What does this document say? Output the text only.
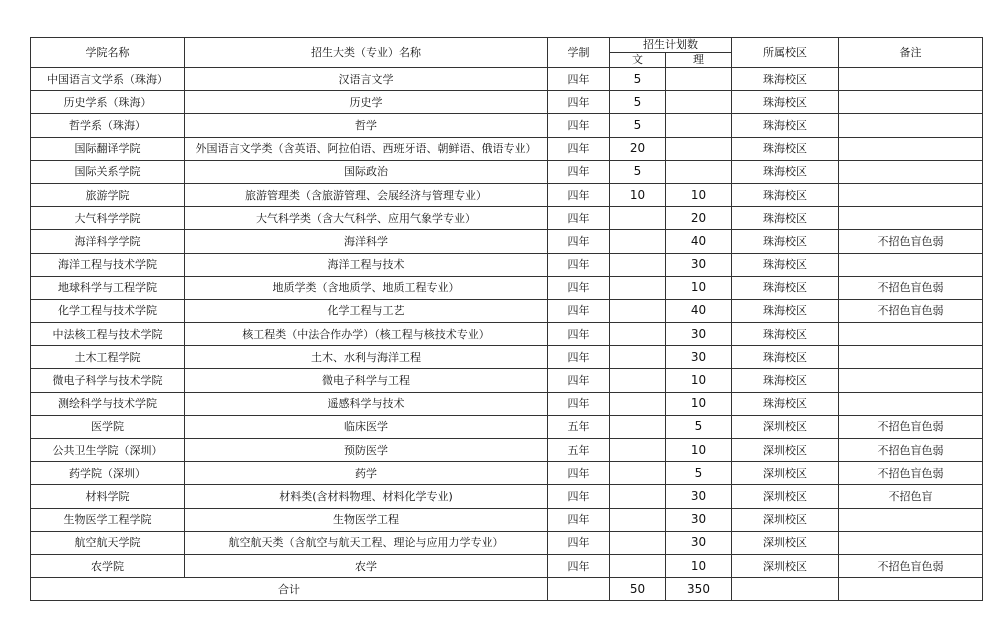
学院名称	招生大类（专业）名称	学制	招生计划数		所属校区	备注
			文	理		
中国语言文学系（珠海）	汉语言文学	四年	5		珠海校区	
历史学系（珠海）	历史学	四年	5		珠海校区	
哲学系（珠海）	哲学	四年	5		珠海校区	
国际翻译学院	外国语言文学类（含英语、阿拉伯语、西班牙语、朝鲜语、俄语专业）	四年	20		珠海校区	
国际关系学院	国际政治	四年	5		珠海校区	
旅游学院	旅游管理类（含旅游管理、会展经济与管理专业）	四年	10	10	珠海校区	
大气科学学院	大气科学类（含大气科学、应用气象学专业）	四年		20	珠海校区	
海洋科学学院	海洋科学	四年		40	珠海校区	不招色盲色弱
海洋工程与技术学院	海洋工程与技术	四年		30	珠海校区	
地球科学与工程学院	地质学类（含地质学、地质工程专业）	四年		10	珠海校区	不招色盲色弱
化学工程与技术学院	化学工程与工艺	四年		40	珠海校区	不招色盲色弱
中法核工程与技术学院	核工程类（中法合作办学）（核工程与核技术专业）	四年		30	珠海校区	
土木工程学院	土木、水利与海洋工程	四年		30	珠海校区	
微电子科学与技术学院	微电子科学与工程	四年		10	珠海校区	
测绘科学与技术学院	遥感科学与技术	四年		10	珠海校区	
医学院	临床医学	五年		5	深圳校区	不招色盲色弱
公共卫生学院（深圳）	预防医学	五年		10	深圳校区	不招色盲色弱
药学院（深圳）	药学	四年		5	深圳校区	不招色盲色弱
材料学院	材料类(含材料物理、材料化学专业)	四年		30	深圳校区	不招色盲
生物医学工程学院	生物医学工程	四年		30	深圳校区	
航空航天学院	航空航天类（含航空与航天工程、理论与应用力学专业）	四年		30	深圳校区	
农学院	农学	四年		10	深圳校区	不招色盲色弱
合计			50	350		
